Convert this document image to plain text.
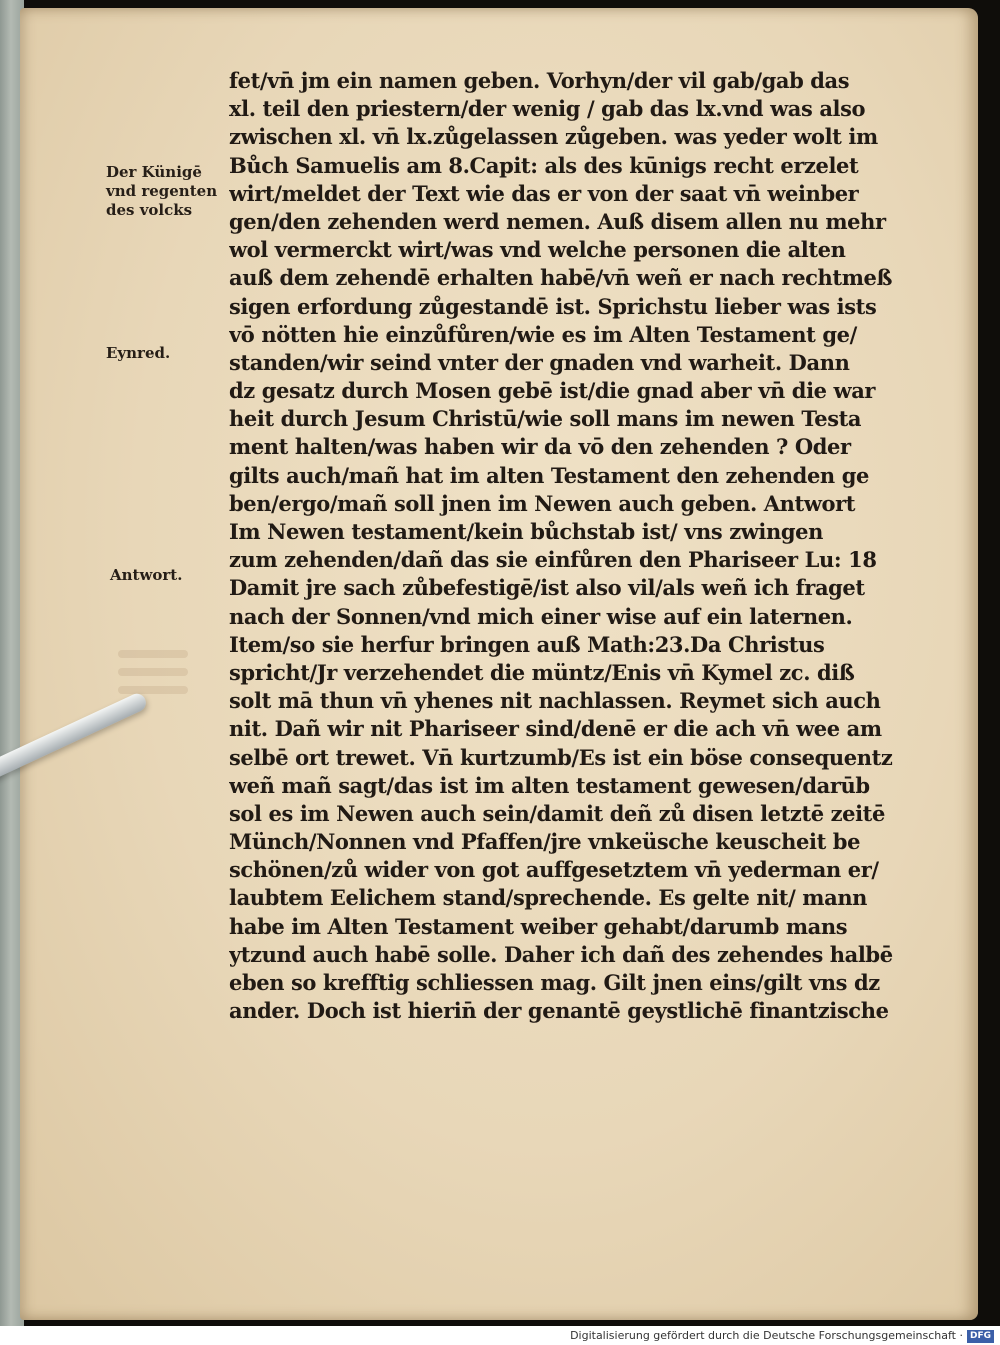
Der Künigē
vnd regenten
des volcks
Eynred.
Antwort.
fet/vn̄ jm ein namen geben. Vorhyn/der vil gab/gab das
xl. teil den priestern/der wenig / gab das lx.vnd was also
zwischen xl. vn̄ lx.zůgelassen zůgeben. was yeder wolt im
Bůch Samuelis am 8.Capit: als des kūnigs recht erzelet
wirt/meldet der Text wie das er von der saat vn̄ weinber
gen/den zehenden werd nemen. Auß disem allen nu mehr
wol vermerckt wirt/was vnd welche personen die alten
auß dem zehendē erhalten habē/vn̄ weñ er nach rechtmeß
sigen erfordung zůgestandē ist. Sprichstu lieber was ists
vō nötten hie einzůfůren/wie es im Alten Testament ge/
standen/wir seind vnter der gnaden vnd warheit. Dann
dz gesatz durch Mosen gebē ist/die gnad aber vn̄ die war
heit durch Jesum Christū/wie soll mans im newen Testa
ment halten/was haben wir da vō den zehenden ? Oder
gilts auch/mañ hat im alten Testament den zehenden ge
ben/ergo/mañ soll jnen im Newen auch geben. Antwort
Im Newen testament/kein bůchstab ist/ vns zwingen
zum zehenden/dañ das sie einfůren den Phariseer Lu: 18
Damit jre sach zůbefestigē/ist also vil/als weñ ich fraget
nach der Sonnen/vnd mich einer wise auf ein laternen.
Item/so sie herfur bringen auß Math:23.Da Christus
spricht/Jr verzehendet die müntz/Enis vn̄ Kymel zc. diß
solt mā thun vn̄ yhenes nit nachlassen. Reymet sich auch
nit. Dañ wir nit Phariseer sind/denē er die ach vn̄ wee am
selbē ort trewet. Vn̄ kurtzumb/Es ist ein böse consequentz
weñ mañ sagt/das ist im alten testament gewesen/darūb
sol es im Newen auch sein/damit deñ zů disen letztē zeitē
Münch/Nonnen vnd Pfaffen/jre vnkeüsche keuscheit be
schönen/zů wider von got auffgesetztem vn̄ yederman er/
laubtem Eelichem stand/sprechende. Es gelte nit/ mann
habe im Alten Testament weiber gehabt/darumb mans
ytzund auch habē solle. Daher ich dañ des zehendes halbē
eben so krefftig schliessen mag. Gilt jnen eins/gilt vns dz
ander. Doch ist hierin̄ der genantē geystlichē finantzische
Digitalisierung gefördert durch die Deutsche Forschungsgemeinschaft · DFG
